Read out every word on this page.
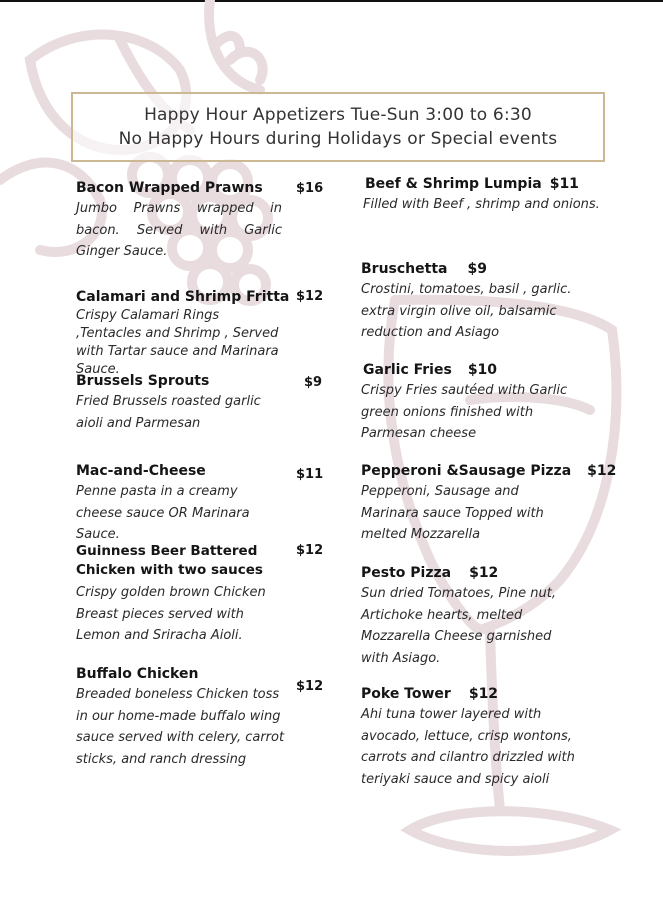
Happy Hour Appetizers Tue-Sun 3:00 to 6:30
No Happy Hours during Holidays or Special events
Bacon Wrapped Prawns
Jumbo Prawns wrapped in bacon. Served with Garlic Ginger Sauce.
$16
Calamari and Shrimp Fritta
Crispy Calamari Rings ,Tentacles and Shrimp , Served with Tartar sauce and Marinara Sauce.
$12
Brussels Sprouts
Fried Brussels roasted garlic aioli and Parmesan
$9
Mac-and-Cheese
Penne pasta in a creamy cheese sauce OR Marinara Sauce.
$11
Guinness Beer Battered Chicken with two sauces
Crispy golden brown Chicken Breast pieces served with Lemon and Sriracha Aioli.
$12
Buffalo Chicken
Breaded boneless Chicken toss in our home-made buffalo wing sauce served with celery, carrot sticks, and ranch dressing
$12
Beef & Shrimp Lumpia $11
Filled with Beef , shrimp and onions.
Bruschetta $9
Crostini, tomatoes, basil , garlic. extra virgin olive oil, balsamic reduction and Asiago
Garlic Fries $10
Crispy Fries sautéed with Garlic green onions finished with Parmesan cheese
Pepperoni &Sausage Pizza $12
Pepperoni, Sausage and Marinara sauce Topped with melted Mozzarella
Pesto Pizza $12
Sun dried Tomatoes, Pine nut, Artichoke hearts, melted Mozzarella Cheese garnished with Asiago.
Poke Tower $12
Ahi tuna tower layered with avocado, lettuce, crisp wontons, carrots and cilantro drizzled with teriyaki sauce and spicy aioli
